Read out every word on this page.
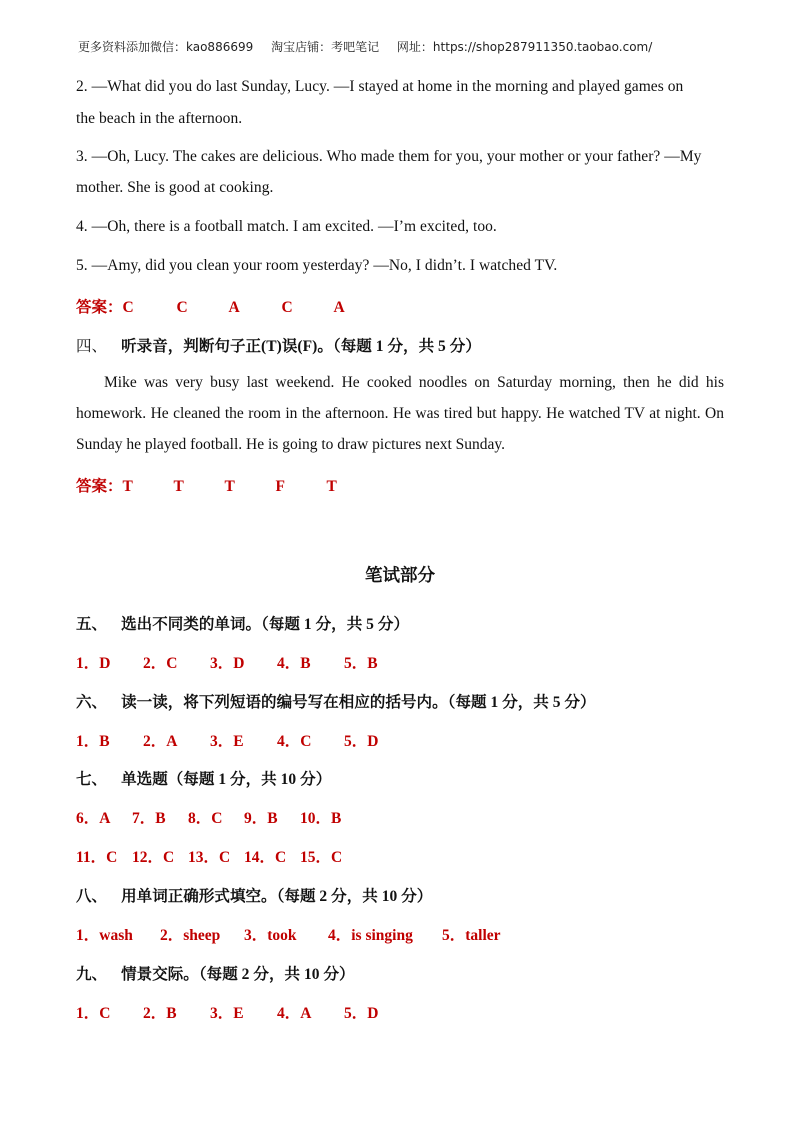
更多资料添加微信：kao886699 淘宝店铺：考吧笔记 网址：https://shop287911350.taobao.com/
2. —What did you do last Sunday, Lucy. —I stayed at home in the morning and played games on
the beach in the afternoon.
3. —Oh, Lucy. The cakes are delicious. Who made them for you, your mother or your father? —My
mother. She is good at cooking.
4. —Oh, there is a football match. I am excited. —I’m excited, too.
5. —Amy, did you clean your room yesterday? —No, I didn’t. I watched TV.
答案：C	C	A	C	A
四、 听录音，判断句子正(T)误(F)。（每题 1 分，共 5 分）

Mike was very busy last weekend. He cooked noodles on Saturday morning, then he did his homework. He cleaned the room in the afternoon. He was tired but happy. He watched TV at night. On Sunday he played football. He is going to draw pictures next Sunday.

答案：T	T	T	F	T
笔试部分
五、 选出不同类的单词。（每题 1 分，共 5 分）
1．D 2．C 3．D 4．B 5．B
六、 读一读，将下列短语的编号写在相应的括号内。（每题 1 分，共 5 分）
1．B 2．A 3．E 4．C 5．D
七、 单选题（每题 1 分，共 10 分）
6．A 7．B 8．C 9．B 10．B
11．C 12．C 13．C 14．C 15．C
八、 用单词正确形式填空。（每题 2 分，共 10 分）
1．wash 2．sheep 3．took 4．is singing 5．taller
九、 情景交际。（每题 2 分，共 10 分）
1．C 2．B 3．E 4．A 5．D
